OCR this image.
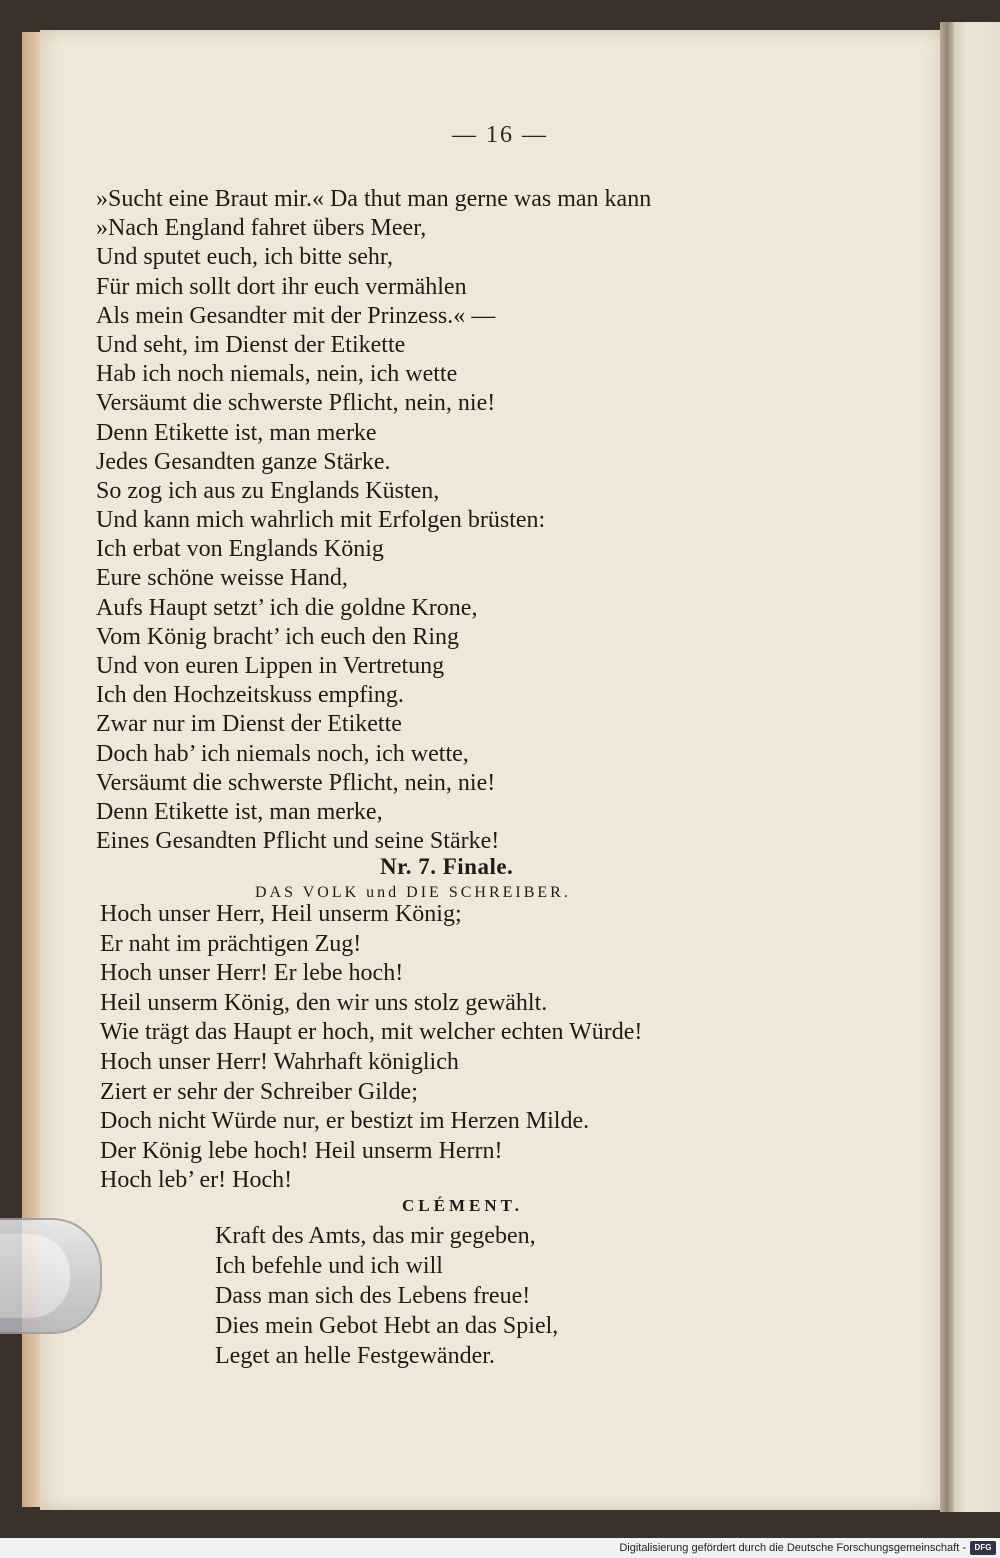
— 16 —
»Sucht eine Braut mir.« Da thut man gerne was man kann
»Nach England fahret übers Meer,
Und sputet euch, ich bitte sehr,
Für mich sollt dort ihr euch vermählen
Als mein Gesandter mit der Prinzess.« —
Und seht, im Dienst der Etikette
Hab ich noch niemals, nein, ich wette
Versäumt die schwerste Pflicht, nein, nie!
Denn Etikette ist, man merke
Jedes Gesandten ganze Stärke.
So zog ich aus zu Englands Küsten,
Und kann mich wahrlich mit Erfolgen brüsten:
Ich erbat von Englands König
Eure schöne weisse Hand,
Aufs Haupt setzt’ ich die goldne Krone,
Vom König bracht’ ich euch den Ring
Und von euren Lippen in Vertretung
Ich den Hochzeitskuss empfing.
Zwar nur im Dienst der Etikette
Doch hab’ ich niemals noch, ich wette,
Versäumt die schwerste Pflicht, nein, nie!
Denn Etikette ist, man merke,
Eines Gesandten Pflicht und seine Stärke!
Nr. 7. Finale.
DAS VOLK und DIE SCHREIBER.
Hoch unser Herr, Heil unserm König;
Er naht im prächtigen Zug!
Hoch unser Herr! Er lebe hoch!
Heil unserm König, den wir uns stolz gewählt.
Wie trägt das Haupt er hoch, mit welcher echten Würde!
Hoch unser Herr! Wahrhaft königlich
Ziert er sehr der Schreiber Gilde;
Doch nicht Würde nur, er bestizt im Herzen Milde.
Der König lebe hoch! Heil unserm Herrn!
Hoch leb’ er! Hoch!
CLÉMENT.
Kraft des Amts, das mir gegeben,
Ich befehle und ich will
Dass man sich des Lebens freue!
Dies mein Gebot Hebt an das Spiel,
Leget an helle Festgewänder.
Digitalisierung gefördert durch die Deutsche Forschungsgemeinschaft -	DFG
